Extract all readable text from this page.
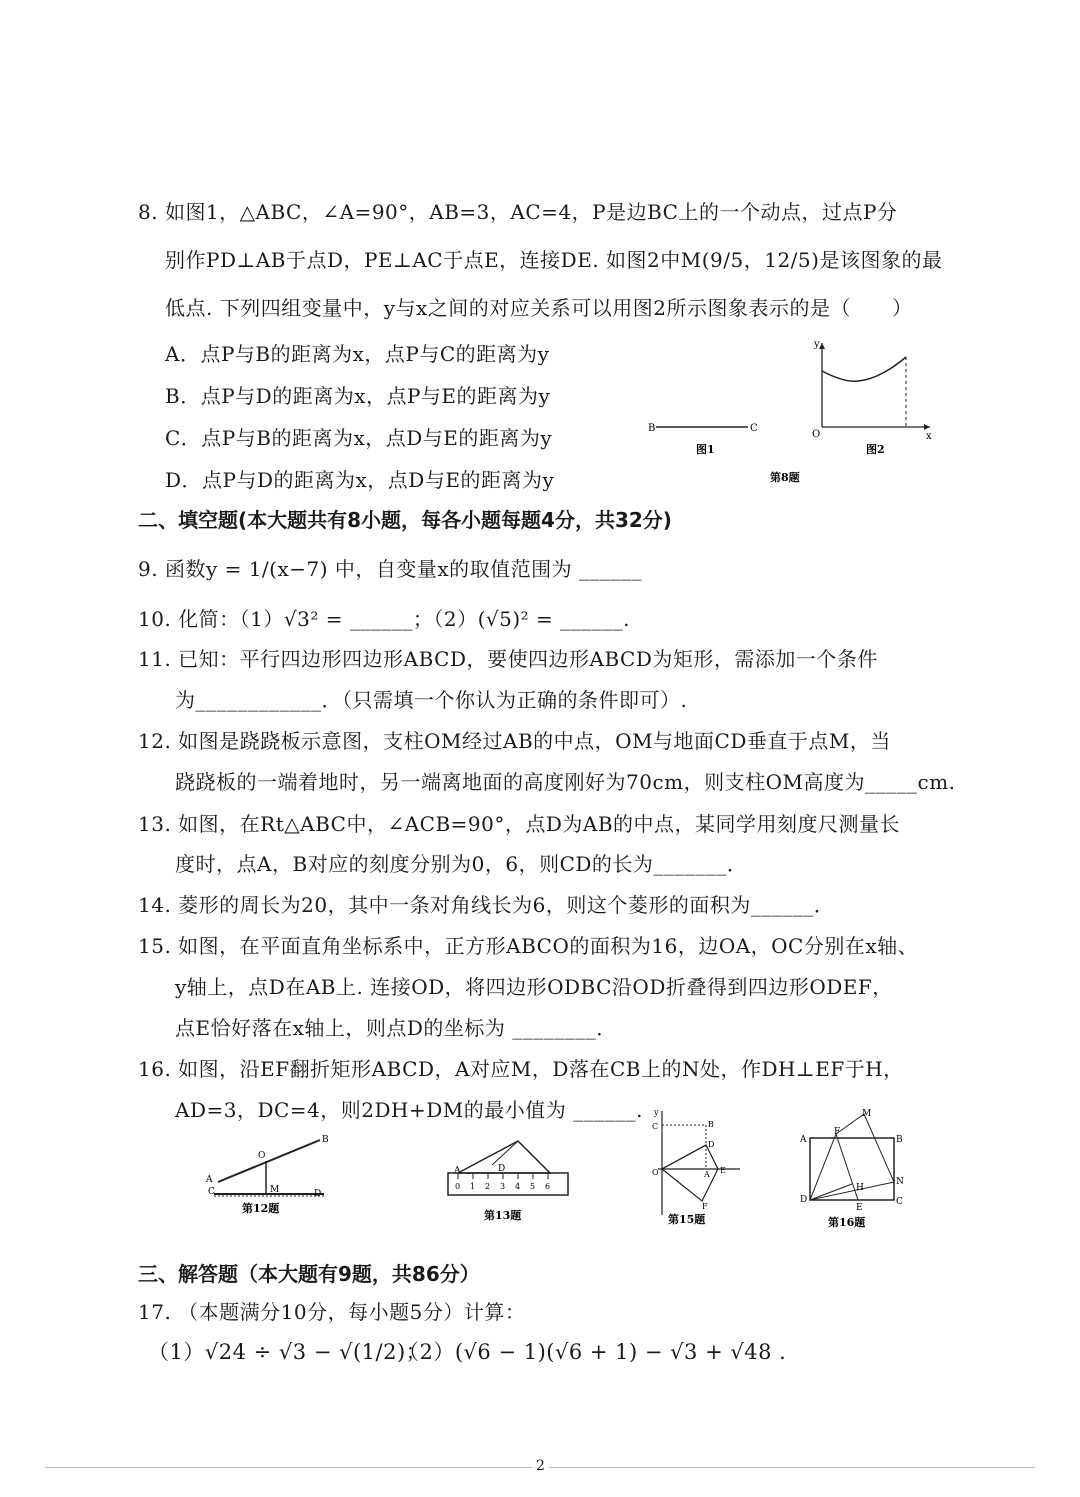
8. 如图1，△ABC，∠A=90°，AB=3，AC=4，P是边BC上的一个动点，过点P分
别作PD⊥AB于点D，PE⊥AC于点E，连接DE. 如图2中M(9/5，12/5)是该图象的最
低点. 下列四组变量中，y与x之间的对应关系可以用图2所示图象表示的是（　　）
A．点P与B的距离为x，点P与C的距离为y
B．点P与D的距离为x，点P与E的距离为y
C．点P与B的距离为x，点D与E的距离为y
D．点P与D的距离为x，点D与E的距离为y
B	C
图1
y
x
O
图2
第8题
二、填空题(本大题共有8小题，每各小题每题4分，共32分)
9. 函数y = 1/(x−7) 中，自变量x的取值范围为 ______
10. 化简：（1）√3² = ______；（2）(√5)² = ______.
11. 已知：平行四边形四边形ABCD，要使四边形ABCD为矩形，需添加一个条件
为____________．（只需填一个你认为正确的条件即可）.
12. 如图是跷跷板示意图，支柱OM经过AB的中点，OM与地面CD垂直于点M，当
跷跷板的一端着地时，另一端离地面的高度刚好为70cm，则支柱OM高度为_____cm.
13. 如图，在Rt△ABC中，∠ACB=90°，点D为AB的中点，某同学用刻度尺测量长
度时，点A，B对应的刻度分别为0，6，则CD的长为_______．
14. 菱形的周长为20，其中一条对角线长为6，则这个菱形的面积为______．
15. 如图，在平面直角坐标系中，正方形ABCO的面积为16，边OA，OC分别在x轴、
y轴上，点D在AB上. 连接OD，将四边形ODBC沿OD折叠得到四边形ODEF，
点E恰好落在x轴上，则点D的坐标为 ________．
16. 如图，沿EF翻折矩形ABCD，A对应M，D落在CB上的N处，作DH⊥EF于H，
AD=3，DC=4，则2DH+DM的最小值为 ______.
A
C
B
O
M	D
第12题
0 1 2 3 4 5 6
A	D
第13题
y
C	B
D
O	A E
F
第15题
A	B
D	C
M
F
N
H
E
第16题
三、解答题（本大题有9题，共86分）
17. （本题满分10分，每小题5分）计算：
（1）√24 ÷ √3 − √(1/2)；
（2）(√6 − 1)(√6 + 1) − √3 + √48 .
2
